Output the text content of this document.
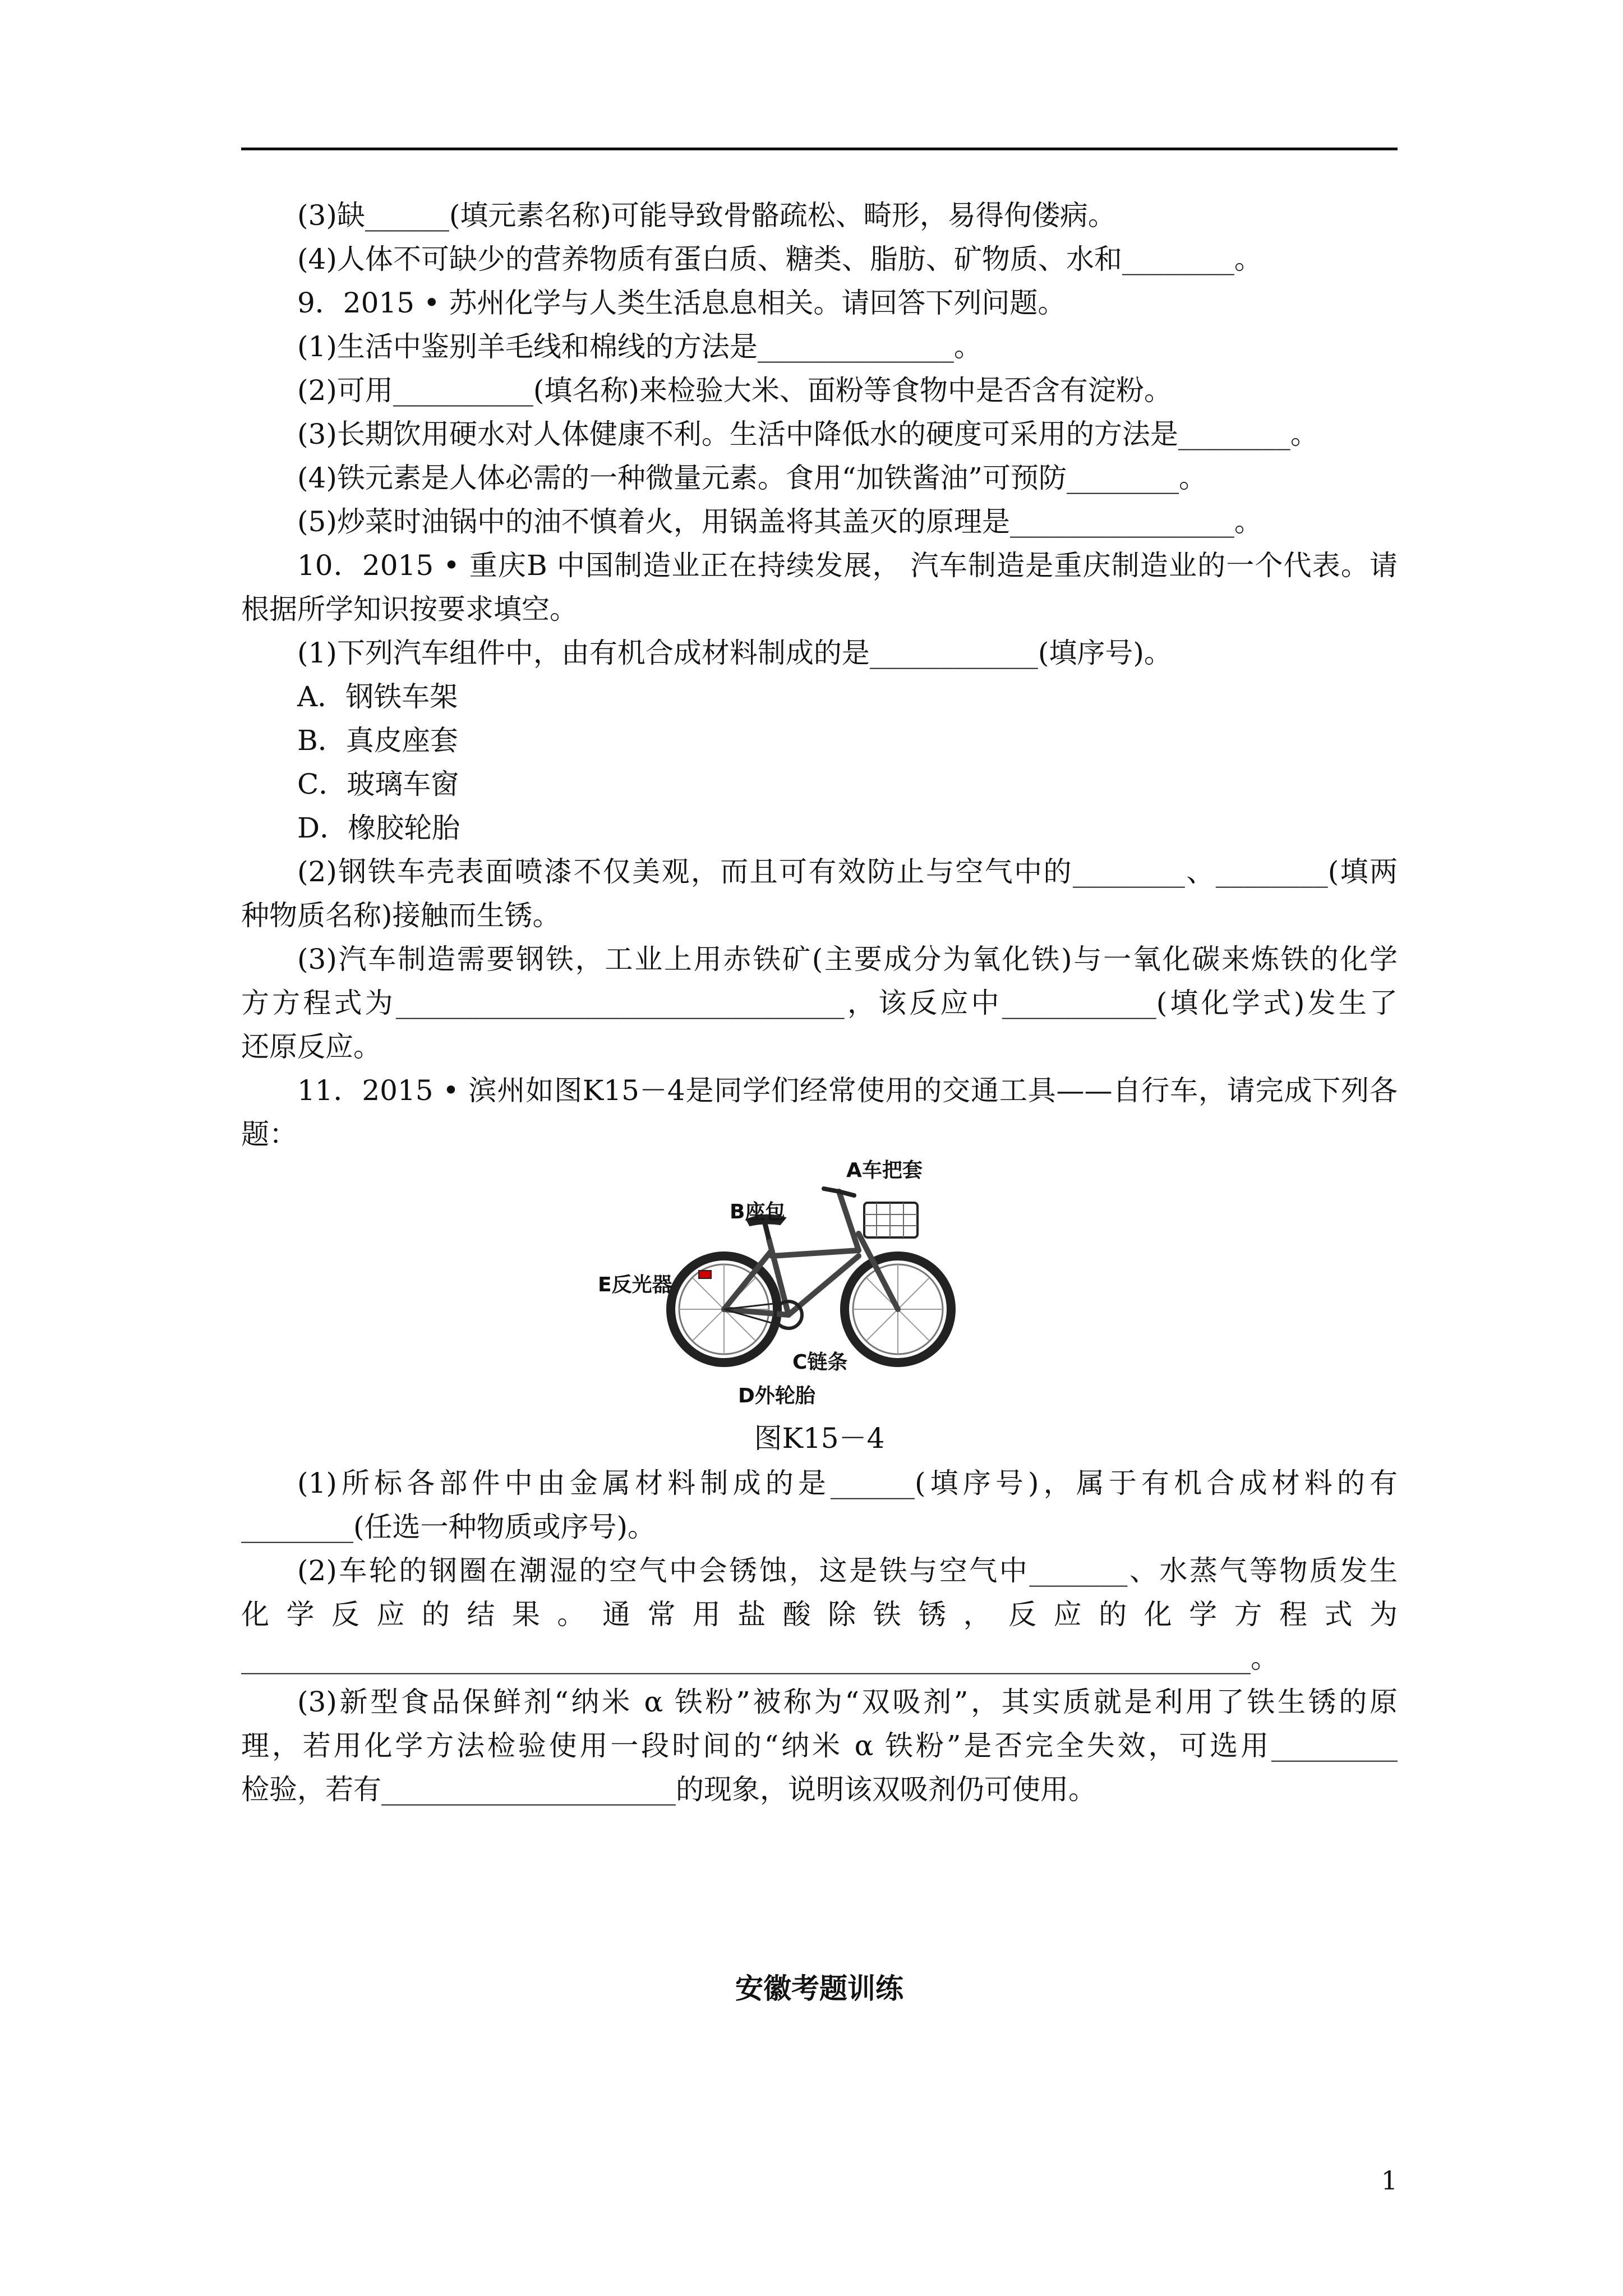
(3)缺______(填元素名称)可能导致骨骼疏松、畸形，易得佝偻病。

(4)人体不可缺少的营养物质有蛋白质、糖类、脂肪、矿物质、水和________。

9．2015 • 苏州化学与人类生活息息相关。请回答下列问题。

(1)生活中鉴别羊毛线和棉线的方法是______________。

(2)可用__________(填名称)来检验大米、面粉等食物中是否含有淀粉。

(3)长期饮用硬水对人体健康不利。生活中降低水的硬度可采用的方法是________。

(4)铁元素是人体必需的一种微量元素。食用“加铁酱油”可预防________。

(5)炒菜时油锅中的油不慎着火，用锅盖将其盖灭的原理是________________。

10．2015 • 重庆B 中国制造业正在持续发展， 汽车制造是重庆制造业的一个代表。请

根据所学知识按要求填空。

(1)下列汽车组件中，由有机合成材料制成的是____________(填序号)。

A．钢铁车架

B．真皮座套

C．玻璃车窗

D．橡胶轮胎

(2)钢铁车壳表面喷漆不仅美观，而且可有效防止与空气中的________、________(填两

种物质名称)接触而生锈。

(3)汽车制造需要钢铁，工业上用赤铁矿(主要成分为氧化铁)与一氧化碳来炼铁的化学

方方程式为________________________________，该反应中___________(填化学式)发生了

还原反应。

11．2015 • 滨州如图K15－4是同学们经常使用的交通工具——自行车，请完成下列各

题：

A车把套
B座包
E反光器
C链条
D外轮胎

图K15－4

(1)所标各部件中由金属材料制成的是______(填序号)，属于有机合成材料的有

________(任选一种物质或序号)。

(2)车轮的钢圈在潮湿的空气中会锈蚀，这是铁与空气中_______、水蒸气等物质发生

化 学 反 应 的 结 果 。 通 常 用 盐 酸 除 铁 锈 ， 反 应 的 化 学 方 程 式 为

________________________________________________________________________。

(3)新型食品保鲜剂“纳米 α 铁粉”被称为“双吸剂”，其实质就是利用了铁生锈的原

理，若用化学方法检验使用一段时间的“纳米 α 铁粉”是否完全失效，可选用_________

检验，若有_____________________的现象，说明该双吸剂仍可使用。

安徽考题训练

1
